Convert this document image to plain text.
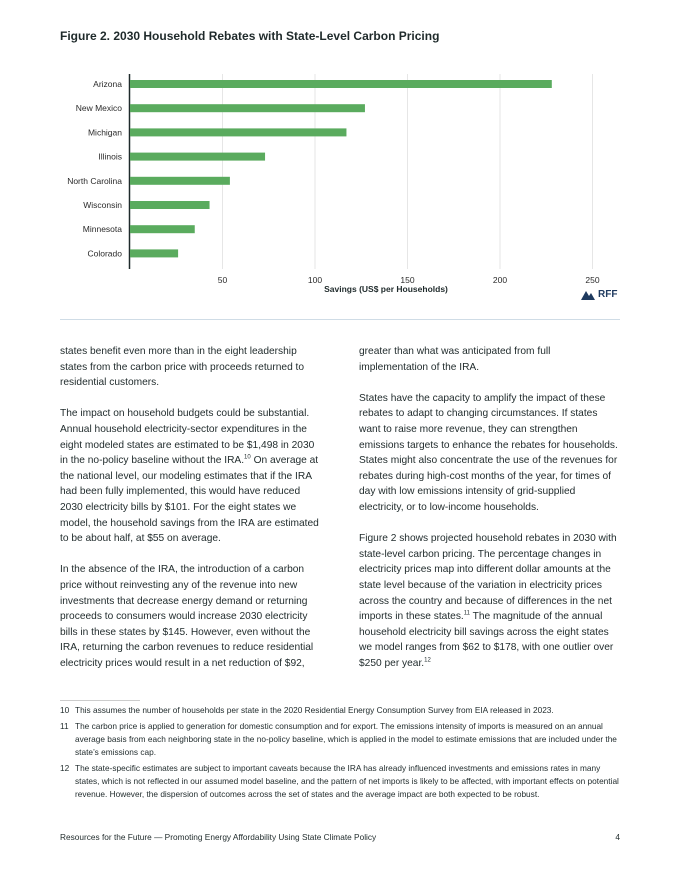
Figure 2. 2030 Household Rebates with State-Level Carbon Pricing
Arizona
New Mexico
Michigan
Illinois
North Carolina
Wisconsin
Minnesota
Colorado
50	100	150	200	250
Savings (US$ per Households)	RFF

states benefit even more than in the eight leadership states from the carbon price with proceeds returned to residential customers.

The impact on household budgets could be substantial. Annual household electricity-sector expenditures in the eight modeled states are estimated to be $1,498 in 2030 in the no-policy baseline without the IRA.$^{10}$ On average at the national level, our modeling estimates that if the IRA had been fully implemented, this would have reduced 2030 electricity bills by $101. For the eight states we model, the household savings from the IRA are estimated to be about half, at $55 on average.

In the absence of the IRA, the introduction of a carbon price without reinvesting any of the revenue into new investments that decrease energy demand or returning proceeds to consumers would increase 2030 electricity bills in these states by $145. However, even without the IRA, returning the carbon revenues to reduce residential electricity prices would result in a net reduction of $92,

greater than what was anticipated from full implementation of the IRA.

States have the capacity to amplify the impact of these rebates to adapt to changing circumstances. If states want to raise more revenue, they can strengthen emissions targets to enhance the rebates for households. States might also concentrate the use of the revenues for rebates during high-cost months of the year, for times of day with low emissions intensity of grid-supplied electricity, or to low-income households.

Figure 2 shows projected household rebates in 2030 with state-level carbon pricing. The percentage changes in electricity prices map into different dollar amounts at the state level because of the variation in electricity prices across the country and because of differences in the net imports in these states.$^{11}$ The magnitude of the annual household electricity bill savings across the eight states we model ranges from $62 to $178, with one outlier over $250 per year.$^{12}$

10 This assumes the number of households per state in the 2020 Residential Energy Consumption Survey from EIA released in 2023.
11 The carbon price is applied to generation for domestic consumption and for export. The emissions intensity of imports is measured on an annual average basis from each neighboring state in the no-policy baseline, which is applied in the model to estimate emissions that are included under the state’s emissions cap.
12 The state-specific estimates are subject to important caveats because the IRA has already influenced investments and emissions rates in many states, which is not reflected in our assumed model baseline, and the pattern of net imports is likely to be affected, with important effects on potential revenue. However, the dispersion of outcomes across the set of states and the average impact are both expected to be robust.
Resources for the Future — Promoting Energy Affordability Using State Climate Policy	4
